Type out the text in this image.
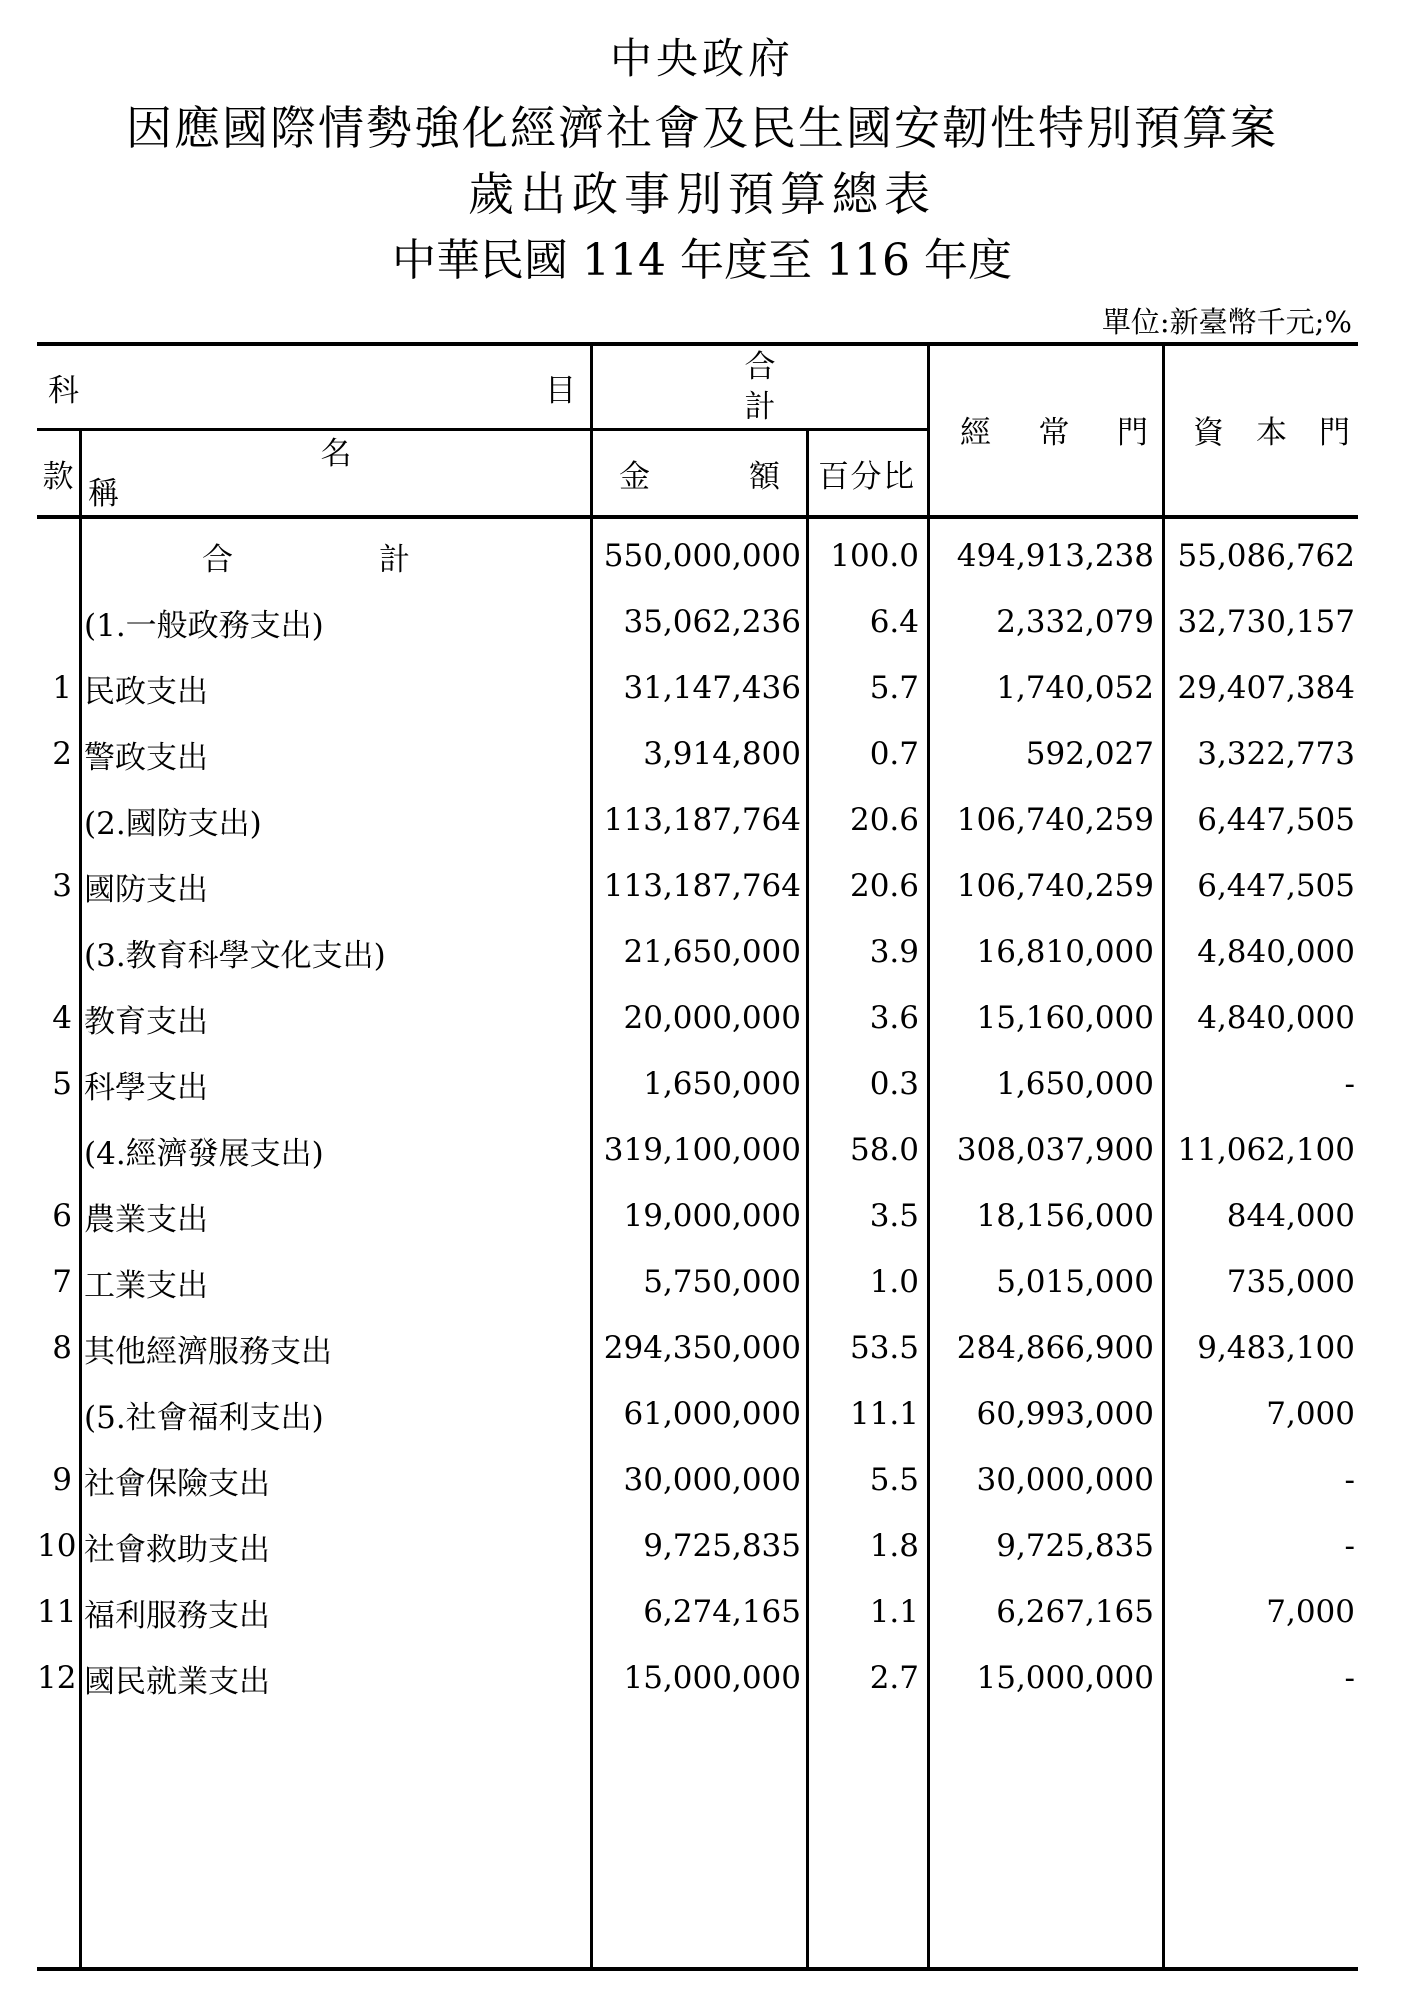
中央政府
因應國際情勢強化經濟社會及民生國安韌性特別預算案
歲出政事別預算總表
中華民國 114 年度至 116 年度
單位:新臺幣千元;%
科	目
合
計
經 常 門 資 本 門
款
名
稱	金	額 百 分 比
合	計	550,000,000 100.0	494,913,238 55,086,762
(1.一般政務支出)	35,062,236	6.4	2,332,079 32,730,157
1 民政支出	31,147,436	5.7	1,740,052 29,407,384
2 警政支出	3,914,800	0.7	592,027	3,322,773
(2.國防支出)	113,187,764	20.6	106,740,259	6,447,505
3 國防支出	113,187,764	20.6	106,740,259	6,447,505
(3.教育科學文化支出)	21,650,000	3.9	16,810,000	4,840,000
4 教育支出	20,000,000	3.6	15,160,000	4,840,000
5 科學支出	1,650,000	0.3	1,650,000	-
(4.經濟發展支出)	319,100,000	58.0	308,037,900 11,062,100
6 農業支出	19,000,000	3.5	18,156,000	844,000
7 工業支出	5,750,000	1.0	5,015,000	735,000
8 其他經濟服務支出	294,350,000	53.5	284,866,900	9,483,100
(5.社會福利支出)	61,000,000	11.1	60,993,000	7,000
9 社會保險支出	30,000,000	5.5	30,000,000	-
10 社會救助支出	9,725,835	1.8	9,725,835	-
11 福利服務支出	6,274,165	1.1	6,267,165	7,000
12 國民就業支出	15,000,000	2.7	15,000,000	-
